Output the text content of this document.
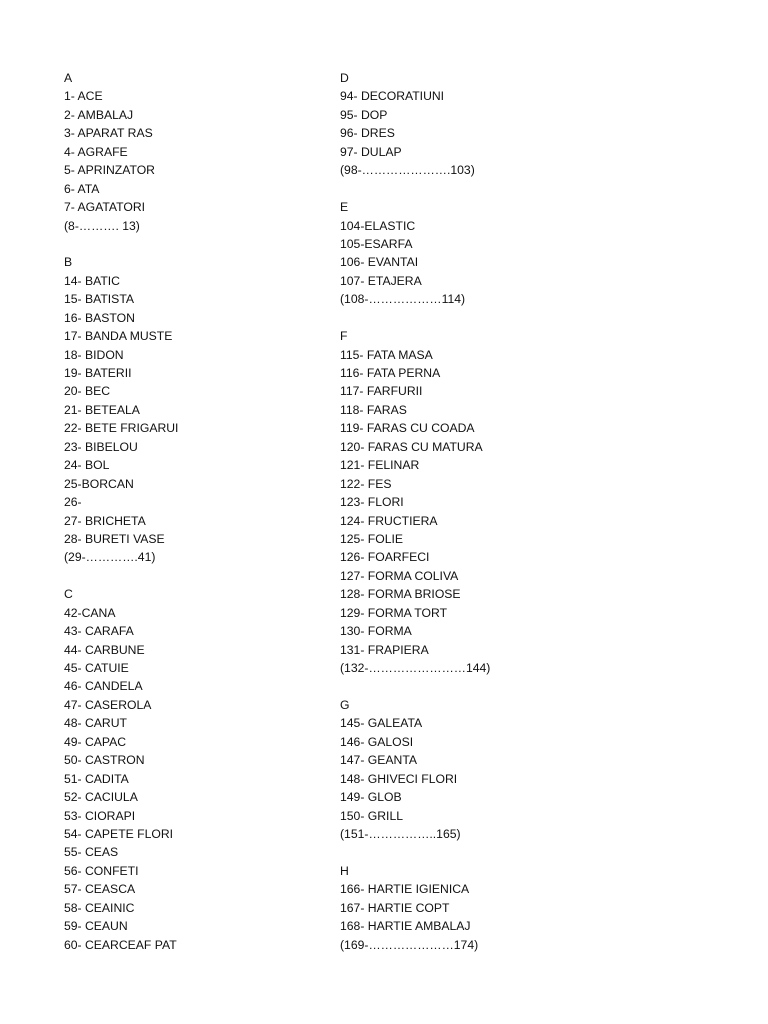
A
1- ACE
2- AMBALAJ
3- APARAT RAS
4- AGRAFE
5- APRINZATOR
6- ATA
7- AGATATORI
(8-………. 13)
B
14- BATIC
15- BATISTA
16- BASTON
17- BANDA MUSTE
18- BIDON
19- BATERII
20- BEC
21- BETEALA
22- BETE FRIGARUI
23- BIBELOU
24- BOL
25-BORCAN
26-
27- BRICHETA
28- BURETI VASE
(29-………….41)
C
42-CANA
43- CARAFA
44- CARBUNE
45- CATUIE
46- CANDELA
47- CASEROLA
48- CARUT
49- CAPAC
50- CASTRON
51- CADITA
52- CACIULA
53- CIORAPI
54- CAPETE FLORI
55- CEAS
56- CONFETI
57- CEASCA
58- CEAINIC
59- CEAUN
60- CEARCEAF PAT
D
94- DECORATIUNI
95- DOP
96- DRES
97- DULAP
(98-………………….103)
E
104-ELASTIC
105-ESARFA
106- EVANTAI
107- ETAJERA
(108-………………114)
F
115- FATA MASA
116- FATA PERNA
117- FARFURII
118- FARAS
119- FARAS CU COADA
120- FARAS CU MATURA
121- FELINAR
122- FES
123- FLORI
124- FRUCTIERA
125- FOLIE
126- FOARFECI
127- FORMA COLIVA
128- FORMA BRIOSE
129- FORMA TORT
130- FORMA
131- FRAPIERA
(132-……………………144)
G
145- GALEATA
146- GALOSI
147- GEANTA
148- GHIVECI FLORI
149- GLOB
150- GRILL
(151-……………..165)
H
166- HARTIE IGIENICA
167- HARTIE COPT
168- HARTIE AMBALAJ
(169-…………………174)
